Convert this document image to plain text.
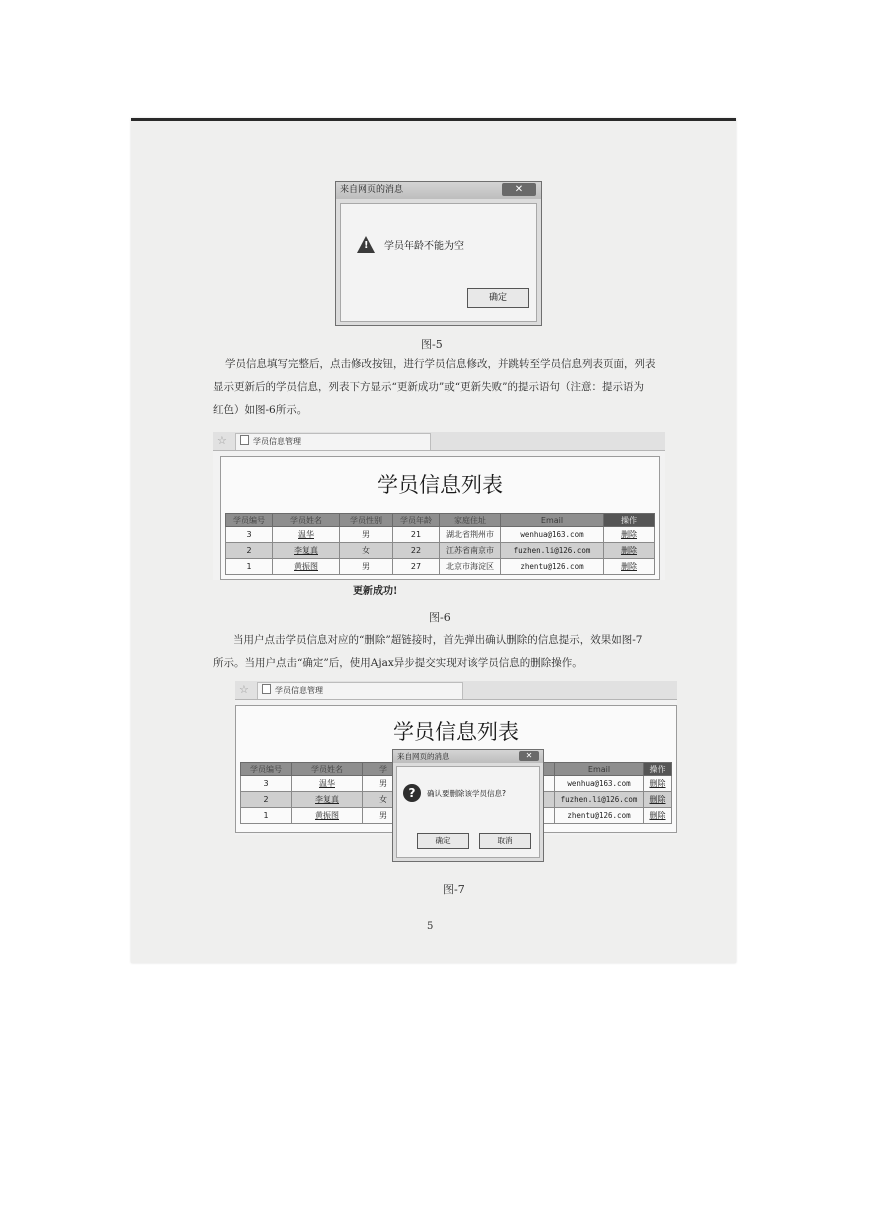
来自网页的消息	✕
! 学员年龄不能为空
确定
图-5

学员信息填写完整后，点击修改按钮，进行学员信息修改，并跳转至学员信息列表页面，列表

显示更新后的学员信息，列表下方显示“更新成功”或“更新失败”的提示语句（注意：提示语为

红色）如图-6所示。

☆	学员信息管理
学员信息列表
学员编号	学员姓名	学员性别	学员年龄	家庭住址	Email	操作
3	温华	男	21	湖北省荆州市	wenhua@163.com	删除
2	李复真	女	22	江苏省南京市	fuzhen.li@126.com	删除
1	黄振图	男	27	北京市海淀区	zhentu@126.com	删除
更新成功!
图-6

当用户点击学员信息对应的“删除”超链接时，首先弹出确认删除的信息提示，效果如图-7

所示。当用户点击“确定”后，使用Ajax异步提交实现对该学员信息的删除操作。

☆	学员信息管理
学员信息列表
学员编号	学员姓名	学		Email	操作
3	温华	男		wenhua@163.com	删除
2	李复真	女		fuzhen.li@126.com	删除
1	黄振图	男		zhentu@126.com	删除
来自网页的消息	✕
?	确认要删除该学员信息?
确定	取消
图-7
5
